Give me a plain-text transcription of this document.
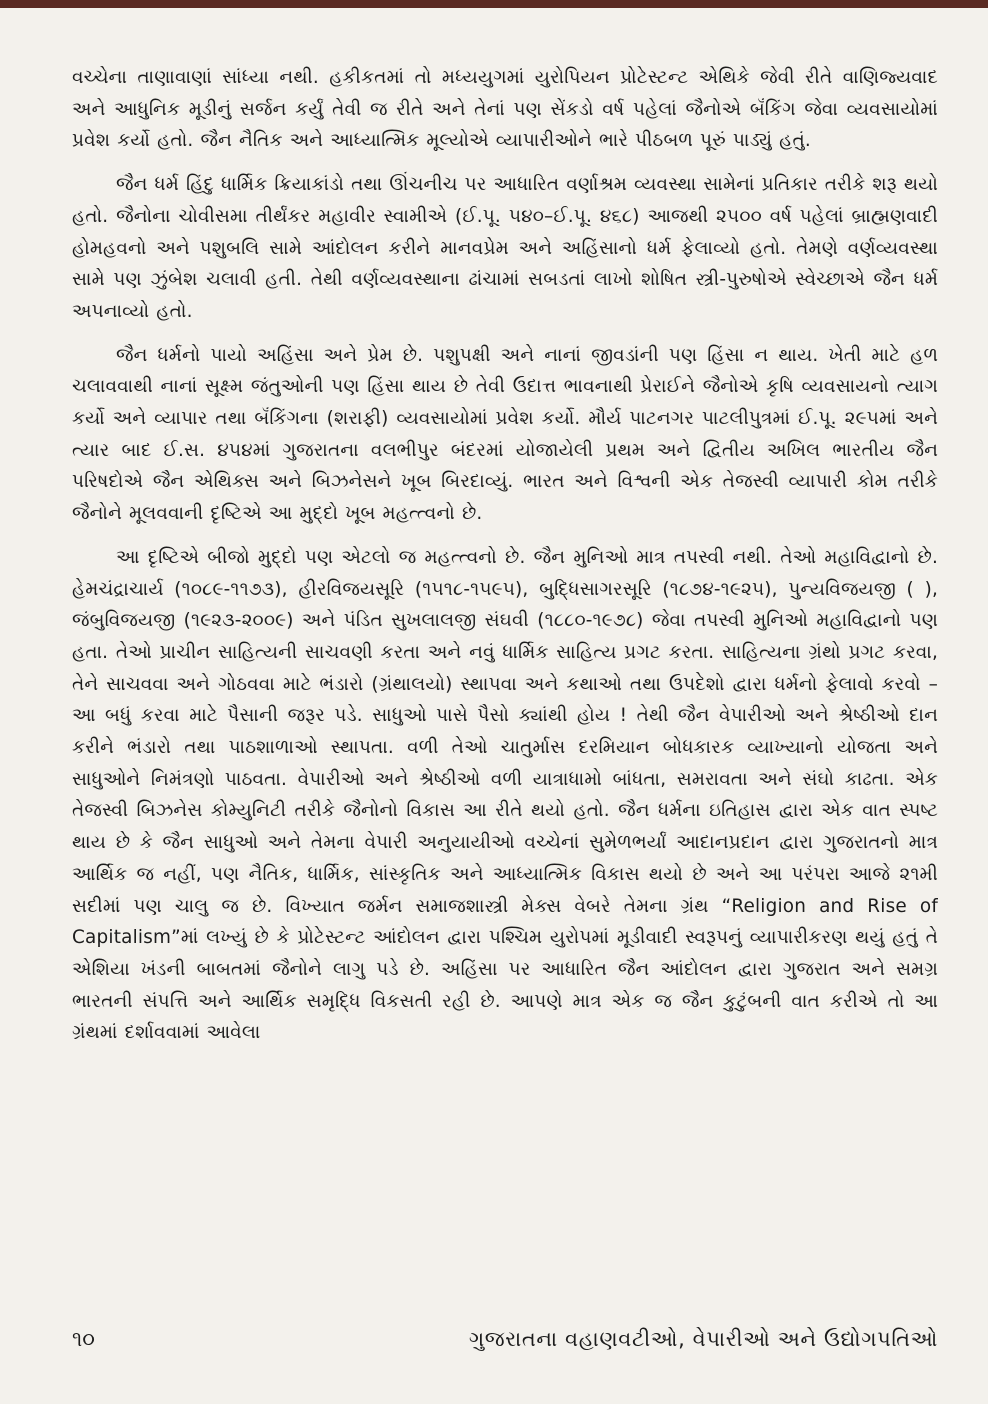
વચ્ચેના તાણાવાણાં સાંધ્યા નથી. હકીકતમાં તો મધ્યયુગમાં યુરોપિયન પ્રોટેસ્ટન્ટ એથિકે જેવી રીતે વાણિજ્યવાદ અને આધુનિક મૂડીનું સર્જન કર્યું તેવી જ રીતે અને તેનાં પણ સેંકડો વર્ષ પહેલાં જૈનોએ બૅંકિંગ જેવા વ્યવસાયોમાં પ્રવેશ કર્યો હતો. જૈન નૈતિક અને આધ્યાત્મિક મૂલ્યોએ વ્યાપારીઓને ભારે પીઠબળ પૂરું પાડ્યું હતું.

જૈન ધર્મ હિંદુ ધાર્મિક ક્રિયાકાંડો તથા ઊંચનીચ પર આધારિત વર્ણાશ્રમ વ્યવસ્થા સામેનાં પ્રતિકાર તરીકે શરૂ થયો હતો. જૈનોના ચોવીસમા તીર્થંકર મહાવીર સ્વામીએ (ઈ.પૂ. ૫૪૦–ઈ.પૂ. ૪૬૮) આજથી ૨૫૦૦ વર્ષ પહેલાં બ્રાહ્મણવાદી હોમહવનો અને પશુબલિ સામે આંદોલન કરીને માનવપ્રેમ અને અહિંસાનો ધર્મ ફેલાવ્યો હતો. તેમણે વર્ણવ્યવસ્થા સામે પણ ઝુંબેશ ચલાવી હતી. તેથી વર્ણવ્યવસ્થાના ઢાંચામાં સબડતાં લાખો શોષિત સ્ત્રી-પુરુષોએ સ્વેચ્છાએ જૈન ધર્મ અપનાવ્યો હતો.

જૈન ધર્મનો પાયો અહિંસા અને પ્રેમ છે. પશુપક્ષી અને નાનાં જીવડાંની પણ હિંસા ન થાય. ખેતી માટે હળ ચલાવવાથી નાનાં સૂક્ષ્મ જંતુઓની પણ હિંસા થાય છે તેવી ઉદાત્ત ભાવનાથી પ્રેરાઈને જૈનોએ કૃષિ વ્યવસાયનો ત્યાગ કર્યો અને વ્યાપાર તથા બૅંકિંગના (શરાફી) વ્યવસાયોમાં પ્રવેશ કર્યો. મૌર્ય પાટનગર પાટલીપુત્રમાં ઈ.પૂ. ૨૯૫માં અને ત્યાર બાદ ઈ.સ. ૪૫૪માં ગુજરાતના વલભીપુર બંદરમાં યોજાયેલી પ્રથમ અને દ્વિતીય અખિલ ભારતીય જૈન પરિષદોએ જૈન એથિક્સ અને બિઝનેસને ખૂબ બિરદાવ્યું. ભારત અને વિશ્વની એક તેજસ્વી વ્યાપારી કોમ તરીકે જૈનોને મૂલવવાની દૃષ્ટિએ આ મુદ્દો ખૂબ મહત્ત્વનો છે.

આ દૃષ્ટિએ બીજો મુદ્દો પણ એટલો જ મહત્ત્વનો છે. જૈન મુનિઓ માત્ર તપસ્વી નથી. તેઓ મહાવિદ્વાનો છે. હેમચંદ્રાચાર્ય (૧૦૮૯-૧૧૭૩), હીરવિજયસૂરિ (૧૫૧૮-૧૫૯૫), બુદ્ધિસાગરસૂરિ (૧૮૭૪-૧૯૨૫), પુન્યવિજયજી ( ), જંબુવિજયજી (૧૯૨૩-૨૦૦૯) અને પંડિત સુખલાલજી સંઘવી (૧૮૮૦-૧૯૭૮) જેવા તપસ્વી મુનિઓ મહાવિદ્વાનો પણ હતા. તેઓ પ્રાચીન સાહિત્યની સાચવણી કરતા અને નવું ધાર્મિક સાહિત્ય પ્રગટ કરતા. સાહિત્યના ગ્રંથો પ્રગટ કરવા, તેને સાચવવા અને ગોઠવવા માટે ભંડારો (ગ્રંથાલયો) સ્થાપવા અને કથાઓ તથા ઉપદેશો દ્વારા ધર્મનો ફેલાવો કરવો – આ બધું કરવા માટે પૈસાની જરૂર પડે. સાધુઓ પાસે પૈસો ક્યાંથી હોય ! તેથી જૈન વેપારીઓ અને શ્રેષ્ઠીઓ દાન કરીને ભંડારો તથા પાઠશાળાઓ સ્થાપતા. વળી તેઓ ચાતુર્માસ દરમિયાન બોધકારક વ્યાખ્યાનો યોજતા અને સાધુઓને નિમંત્રણો પાઠવતા. વેપારીઓ અને શ્રેષ્ઠીઓ વળી યાત્રાધામો બાંધતા, સમરાવતા અને સંઘો કાઢતા. એક તેજસ્વી બિઝનેસ કોમ્યુનિટી તરીકે જૈનોનો વિકાસ આ રીતે થયો હતો. જૈન ધર્મના ઇતિહાસ દ્વારા એક વાત સ્પષ્ટ થાય છે કે જૈન સાધુઓ અને તેમના વેપારી અનુયાયીઓ વચ્ચેનાં સુમેળભર્યાં આદાનપ્રદાન દ્વારા ગુજરાતનો માત્ર આર્થિક જ નહીં, પણ નૈતિક, ધાર્મિક, સાંસ્કૃતિક અને આધ્યાત્મિક વિકાસ થયો છે અને આ પરંપરા આજે ૨૧મી સદીમાં પણ ચાલુ જ છે. વિખ્યાત જર્મન સમાજશાસ્ત્રી મેક્સ વેબરે તેમના ગ્રંથ “Religion and Rise of Capitalism”માં લખ્યું છે કે પ્રોટેસ્ટન્ટ આંદોલન દ્વારા પશ્ચિમ યુરોપમાં મૂડીવાદી સ્વરૂપનું વ્યાપારીકરણ થયું હતું તે એશિયા ખંડની બાબતમાં જૈનોને લાગુ પડે છે. અહિંસા પર આધારિત જૈન આંદોલન દ્વારા ગુજરાત અને સમગ્ર ભારતની સંપત્તિ અને આર્થિક સમૃદ્ધિ વિકસતી રહી છે. આપણે માત્ર એક જ જૈન કુટુંબની વાત કરીએ તો આ ગ્રંથમાં દર્શાવવામાં આવેલા

૧૦	ગુજરાતના વહાણવટીઓ, વેપારીઓ અને ઉદ્યોગપતિઓ
